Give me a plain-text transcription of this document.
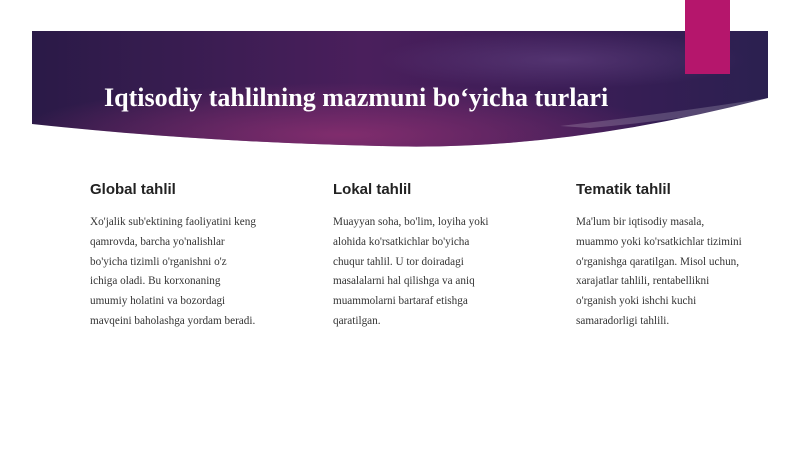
Iqtisodiy tahlilning mazmuni bo‘yicha turlari
Global tahlil

Xo'jalik sub'ektining faoliyatini keng
qamrovda, barcha yo'nalishlar
bo'yicha tizimli o'rganishni o'z
ichiga oladi. Bu korxonaning
umumiy holatini va bozordagi
mavqeini baholashga yordam beradi.

Lokal tahlil

Muayyan soha, bo'lim, loyiha yoki
alohida ko'rsatkichlar bo'yicha
chuqur tahlil. U tor doiradagi
masalalarni hal qilishga va aniq
muammolarni bartaraf etishga
qaratilgan.

Tematik tahlil

Ma'lum bir iqtisodiy masala,
muammo yoki ko'rsatkichlar tizimini
o'rganishga qaratilgan. Misol uchun,
xarajatlar tahlili, rentabellikni
o'rganish yoki ishchi kuchi
samaradorligi tahlili.
